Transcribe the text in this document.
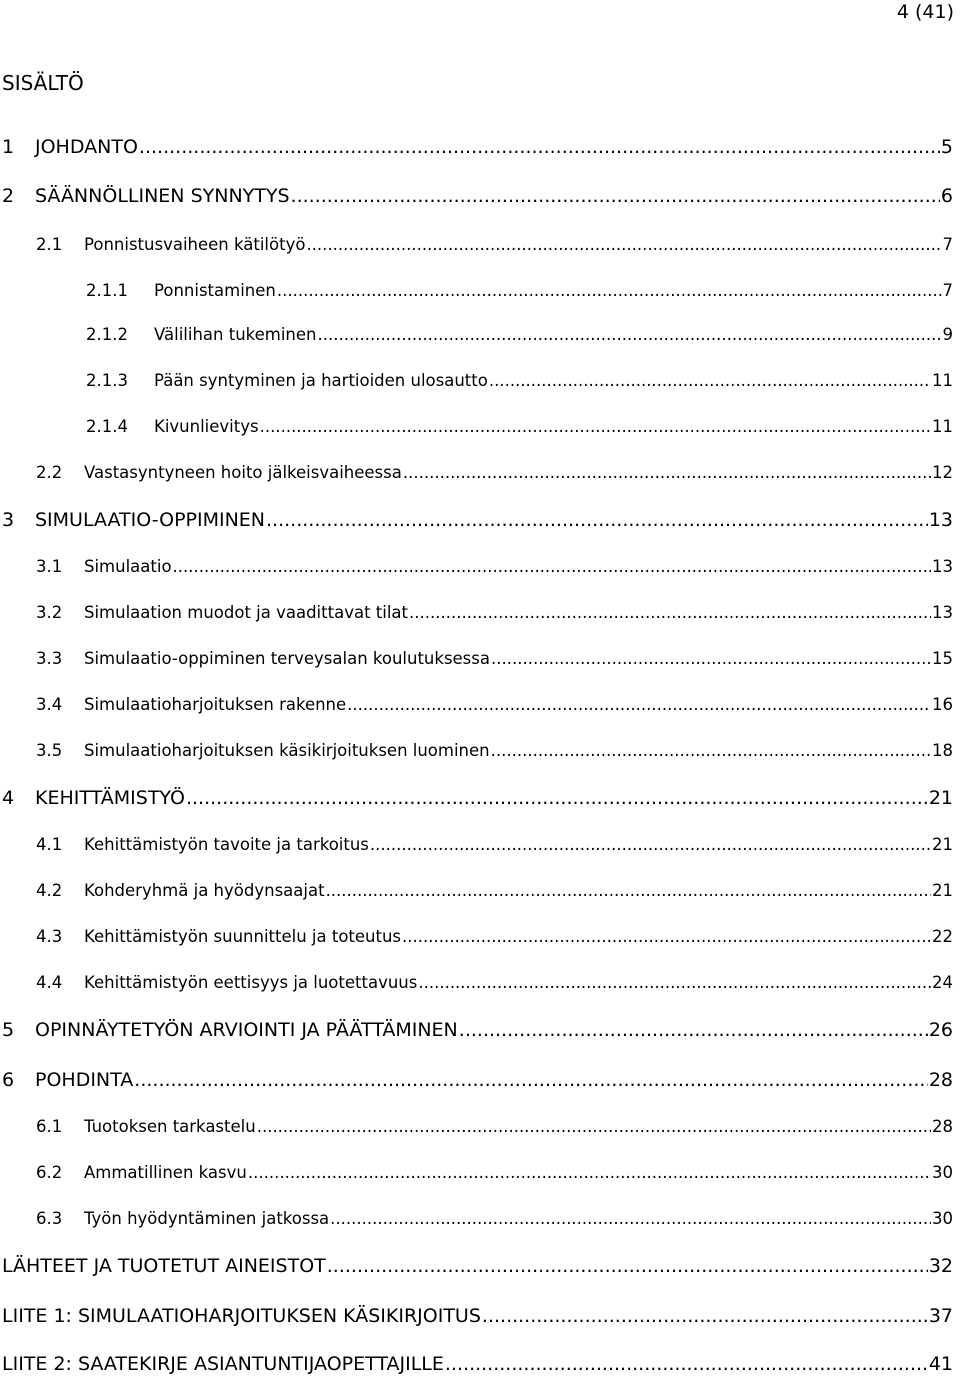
4 (41)
SISÄLTÖ
1	JOHDANTO .....	5
2	SÄÄNNÖLLINEN SYNNYTYS .....	6
2.1	Ponnistusvaiheen kätilötyö .....	7
2.1.1	Ponnistaminen .....	7
2.1.2	Välilihan tukeminen .....	9
2.1.3	Pään syntyminen ja hartioiden ulosautto .....	11
2.1.4	Kivunlievitys .....	11
2.2	Vastasyntyneen hoito jälkeisvaiheessa .....	12
3	SIMULAATIO-OPPIMINEN .....	13
3.1	Simulaatio .....	13
3.2	Simulaation muodot ja vaadittavat tilat .....	13
3.3	Simulaatio-oppiminen terveysalan koulutuksessa .....	15
3.4	Simulaatioharjoituksen rakenne .....	16
3.5	Simulaatioharjoituksen käsikirjoituksen luominen .....	18
4	KEHITTÄMISTYÖ .....	21
4.1	Kehittämistyön tavoite ja tarkoitus .....	21
4.2	Kohderyhmä ja hyödynsaajat .....	21
4.3	Kehittämistyön suunnittelu ja toteutus .....	22
4.4	Kehittämistyön eettisyys ja luotettavuus .....	24
5	OPINNÄYTETYÖN ARVIOINTI JA PÄÄTTÄMINEN .....	26
6	POHDINTA .....	28
6.1	Tuotoksen tarkastelu .....	28
6.2	Ammatillinen kasvu .....	30
6.3	Työn hyödyntäminen jatkossa .....	30
LÄHTEET JA TUOTETUT AINEISTOT .....	32
LIITE 1: SIMULAATIOHARJOITUKSEN KÄSIKIRJOITUS .....	37
LIITE 2: SAATEKIRJE ASIANTUNTIJAOPETTAJILLE .....	41
